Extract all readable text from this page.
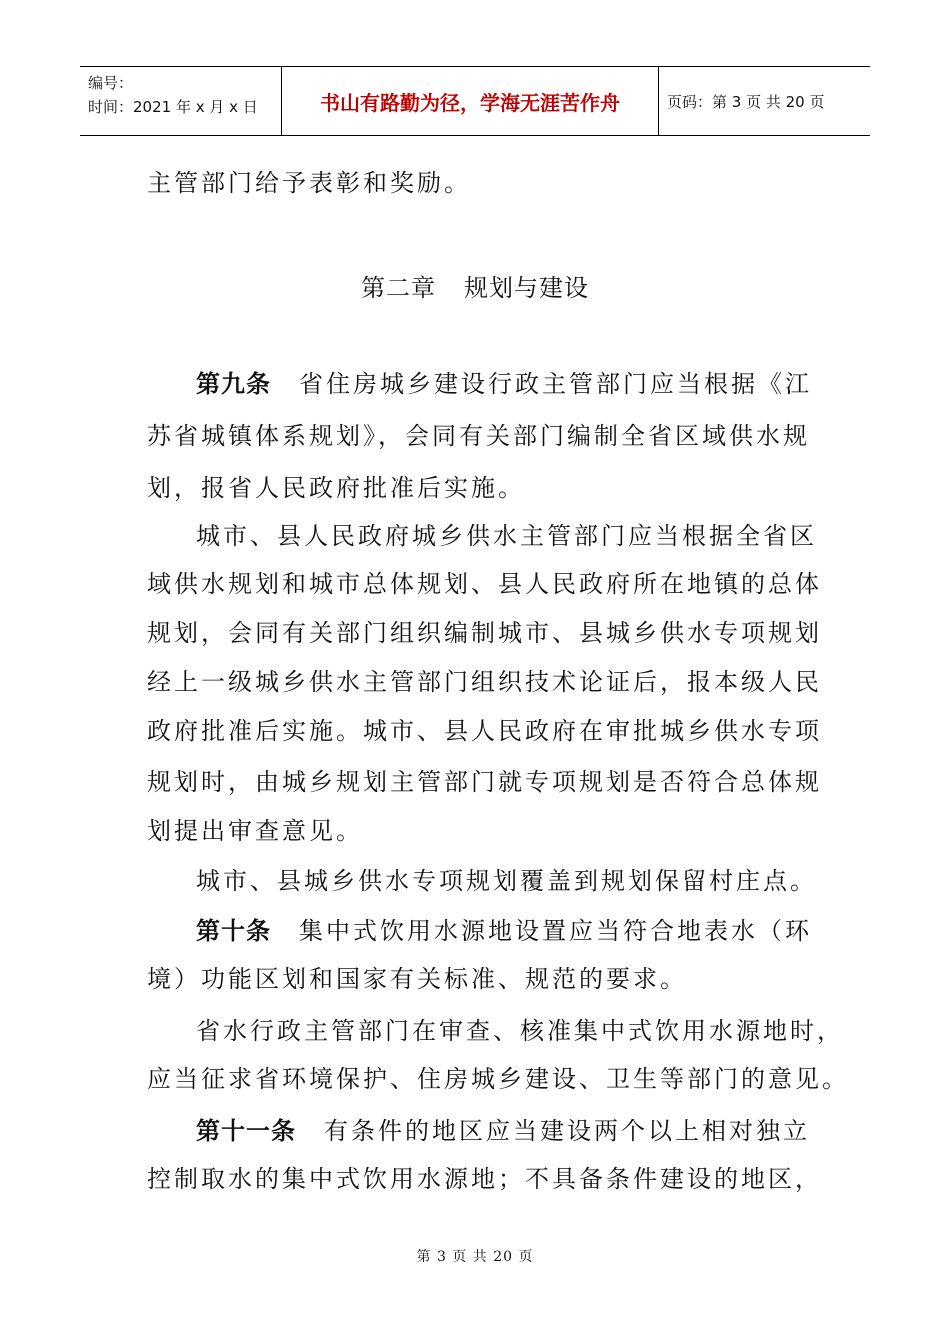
编号：
时间：2021 年 x 月 x 日	书山有路勤为径，学海无涯苦作舟	页码：第 3 页 共 20 页
主管部门给予表彰和奖励。
第二章 规划与建设
第九条 省住房城乡建设行政主管部门应当根据《江
苏省城镇体系规划》，会同有关部门编制全省区域供水规
划，报省人民政府批准后实施。
城市、县人民政府城乡供水主管部门应当根据全省区
域供水规划和城市总体规划、县人民政府所在地镇的总体
规划，会同有关部门组织编制城市、县城乡供水专项规划
经上一级城乡供水主管部门组织技术论证后，报本级人民
政府批准后实施。城市、县人民政府在审批城乡供水专项
规划时，由城乡规划主管部门就专项规划是否符合总体规
划提出审查意见。
城市、县城乡供水专项规划覆盖到规划保留村庄点。
第十条 集中式饮用水源地设置应当符合地表水（环
境）功能区划和国家有关标准、规范的要求。
省水行政主管部门在审查、核准集中式饮用水源地时，
应当征求省环境保护、住房城乡建设、卫生等部门的意见。
第十一条 有条件的地区应当建设两个以上相对独立
控制取水的集中式饮用水源地；不具备条件建设的地区，
第 3 页 共 20 页
